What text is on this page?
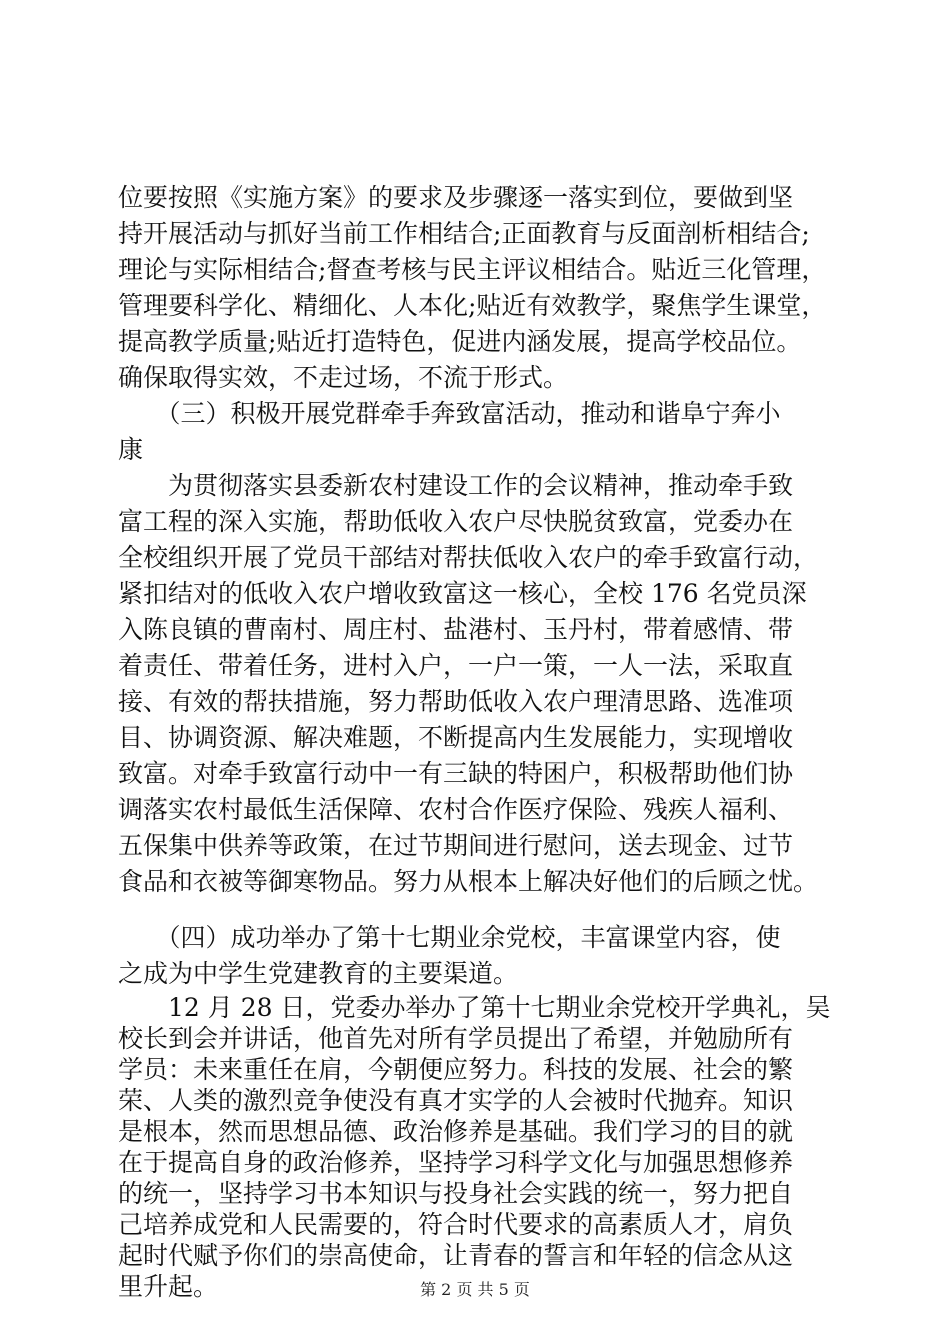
位要按照《实施方案》的要求及步骤逐一落实到位，要做到坚
持开展活动与抓好当前工作相结合;正面教育与反面剖析相结合;
理论与实际相结合;督查考核与民主评议相结合。贴近三化管理，
管理要科学化、精细化、人本化;贴近有效教学，聚焦学生课堂，
提高教学质量;贴近打造特色，促进内涵发展，提高学校品位。
确保取得实效，不走过场，不流于形式。
　　（三）积极开展党群牵手奔致富活动，推动和谐阜宁奔小
康
　　为贯彻落实县委新农村建设工作的会议精神，推动牵手致
富工程的深入实施，帮助低收入农户尽快脱贫致富，党委办在
全校组织开展了党员干部结对帮扶低收入农户的牵手致富行动，
紧扣结对的低收入农户增收致富这一核心，全校 176 名党员深
入陈良镇的曹南村、周庄村、盐港村、玉丹村，带着感情、带
着责任、带着任务，进村入户，一户一策，一人一法，采取直
接、有效的帮扶措施，努力帮助低收入农户理清思路、选准项
目、协调资源、解决难题，不断提高内生发展能力，实现增收
致富。对牵手致富行动中一有三缺的特困户，积极帮助他们协
调落实农村最低生活保障、农村合作医疗保险、残疾人福利、
五保集中供养等政策，在过节期间进行慰问，送去现金、过节
食品和衣被等御寒物品。努力从根本上解决好他们的后顾之忧。
　　（四）成功举办了第十七期业余党校，丰富课堂内容，使
之成为中学生党建教育的主要渠道。
　　12 月 28 日，党委办举办了第十七期业余党校开学典礼，吴
校长到会并讲话，他首先对所有学员提出了希望，并勉励所有
学员：未来重任在肩，今朝便应努力。科技的发展、社会的繁
荣、人类的激烈竞争使没有真才实学的人会被时代抛弃。知识
是根本，然而思想品德、政治修养是基础。我们学习的目的就
在于提高自身的政治修养，坚持学习科学文化与加强思想修养
的统一，坚持学习书本知识与投身社会实践的统一，努力把自
己培养成党和人民需要的，符合时代要求的高素质人才，肩负
起时代赋予你们的崇高使命，让青春的誓言和年轻的信念从这
里升起。	第 2 页 共 5 页
